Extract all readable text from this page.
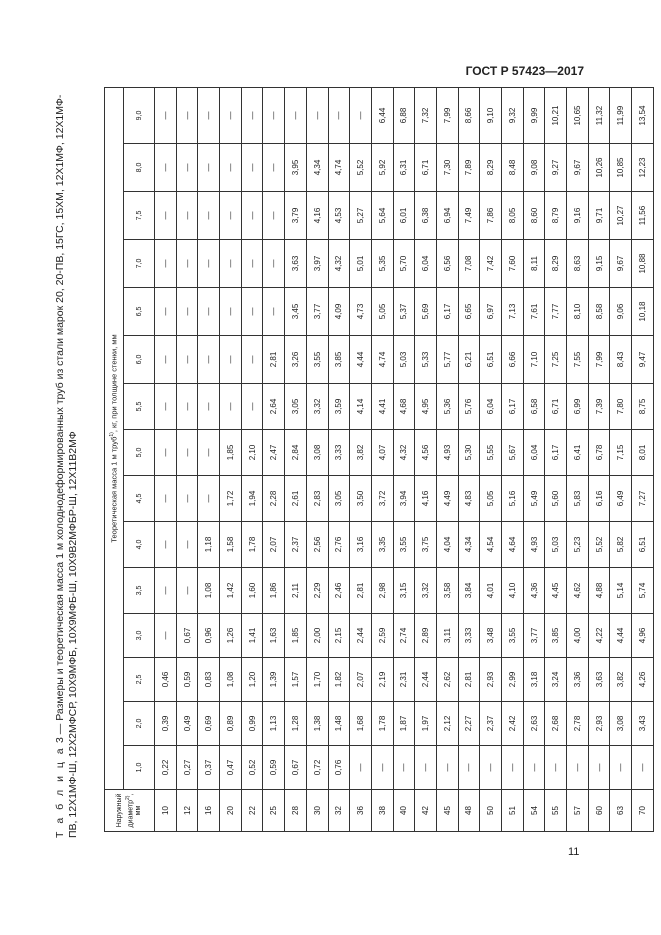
ГОСТ Р 57423—2017
Т а б л и ц а 3 — Размеры и теоретическая масса 1 м холоднодеформированных труб из стали марок 20, 20-ПВ, 15ГС, 15ХМ, 12Х1МФ, 12Х1МФ-ПВ, 12Х1МФ-Ш, 12Х2МФСР, 10Х9МФБ, 10Х9МФБ-Ш, 10Х9В2МФБР-Ш, 12Х11В2МФ	Наружный диаметр$^{2)}$, мм	Теоретическая масса 1 м труб$^{1)}$, кг, при толщине стенки, мм														
	1,0	2,0	2,5	3,0	3,5	4,0	4,5	5,0	5,5	6,0	6,5	7,0	7,5	8,0	9,0
10	0,22	0,39	0,46	—	—	—	—	—	—	—	—	—	—	—	—
12	0,27	0,49	0,59	0,67	—	—	—	—	—	—	—	—	—	—	—
16	0,37	0,69	0,83	0,96	1,08	1,18	—	—	—	—	—	—	—	—	—
20	0,47	0,89	1,08	1,26	1,42	1,58	1,72	1,85	—	—	—	—	—	—	—
22	0,52	0,99	1,20	1,41	1,60	1,78	1,94	2,10	—	—	—	—	—	—	—
25	0,59	1,13	1,39	1,63	1,86	2,07	2,28	2,47	2,64	2,81	—	—	—	—	—
28	0,67	1,28	1,57	1,85	2,11	2,37	2,61	2,84	3,05	3,26	3,45	3,63	3,79	3,95	—
30	0,72	1,38	1,70	2,00	2,29	2,56	2,83	3,08	3,32	3,55	3,77	3,97	4,16	4,34	—
32	0,76	1,48	1,82	2,15	2,46	2,76	3,05	3,33	3,59	3,85	4,09	4,32	4,53	4,74	—
36	—	1,68	2,07	2,44	2,81	3,16	3,50	3,82	4,14	4,44	4,73	5,01	5,27	5,52	—
38	—	1,78	2,19	2,59	2,98	3,35	3,72	4,07	4,41	4,74	5,05	5,35	5,64	5,92	6,44
40	—	1,87	2,31	2,74	3,15	3,55	3,94	4,32	4,68	5,03	5,37	5,70	6,01	6,31	6,88
42	—	1,97	2,44	2,89	3,32	3,75	4,16	4,56	4,95	5,33	5,69	6,04	6,38	6,71	7,32
45	—	2,12	2,62	3,11	3,58	4,04	4,49	4,93	5,36	5,77	6,17	6,56	6,94	7,30	7,99
48	—	2,27	2,81	3,33	3,84	4,34	4,83	5,30	5,76	6,21	6,65	7,08	7,49	7,89	8,66
50	—	2,37	2,93	3,48	4,01	4,54	5,05	5,55	6,04	6,51	6,97	7,42	7,86	8,29	9,10
51	—	2,42	2,99	3,55	4,10	4,64	5,16	5,67	6,17	6,66	7,13	7,60	8,05	8,48	9,32
54	—	2,63	3,18	3,77	4,36	4,93	5,49	6,04	6,58	7,10	7,61	8,11	8,60	9,08	9,99
55	—	2,68	3,24	3,85	4,45	5,03	5,60	6,17	6,71	7,25	7,77	8,29	8,79	9,27	10,21
57	—	2,78	3,36	4,00	4,62	5,23	5,83	6,41	6,99	7,55	8,10	8,63	9,16	9,67	10,65
60	—	2,93	3,63	4,22	4,88	5,52	6,16	6,78	7,39	7,99	8,58	9,15	9,71	10,26	11,32
63	—	3,08	3,82	4,44	5,14	5,82	6,49	7,15	7,80	8,43	9,06	9,67	10,27	10,85	11,99
70	—	3,43	4,26	4,96	5,74	6,51	7,27	8,01	8,75	9,47	10,18	10,88	11,56	12,23	13,54
11
